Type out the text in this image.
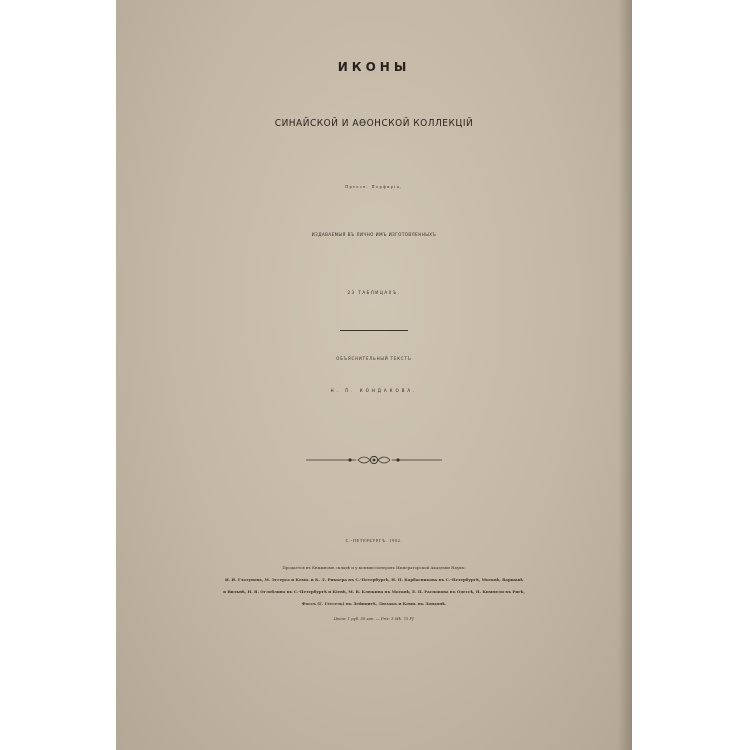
ИКОНЫ
СИНАЙСКОЙ И АѲОНСКОЙ КОЛЛЕКЦІЙ
Преосв. Порфирія,
ИЗДАВАЕМЫЯ ВЪ ЛИЧНО ИМЪ ИЗГОТОВЛЕННЫХЪ
23 ТАБЛИЦАХЪ.
ОБЪЯСНИТЕЛЬНЫЙ ТЕКСТЪ
Н. П. КОНДАКОВА.
С.-ПЕТЕРБУРГЪ. 1902.
Продается въ Книжномъ складѣ и у коммиссіонеровъ Императорской Академіи Наукъ:
И. И. Глазунова, М. Эггерса и Комп. и К. Л. Риккера въ С.-Петербургѣ, Н. П. Карбасникова въ С.-Петербургѣ, Москвѣ, Варшавѣ
и Вильнѣ, Н. Я. Оглоблина въ С.-Петербургѣ и Кіевѣ, М. В. Клюкина въ Москвѣ, Е. П. Распопова въ Одессѣ, Н. Киммеля въ Ригѣ,
Фоссъ (Г. Гессель) въ Лейпцигѣ, Люзакъ и Комп. въ Лондонѣ.
Цѣна: 1 руб. 50 коп. — Prix: 3 Mk. 75 Pf.
